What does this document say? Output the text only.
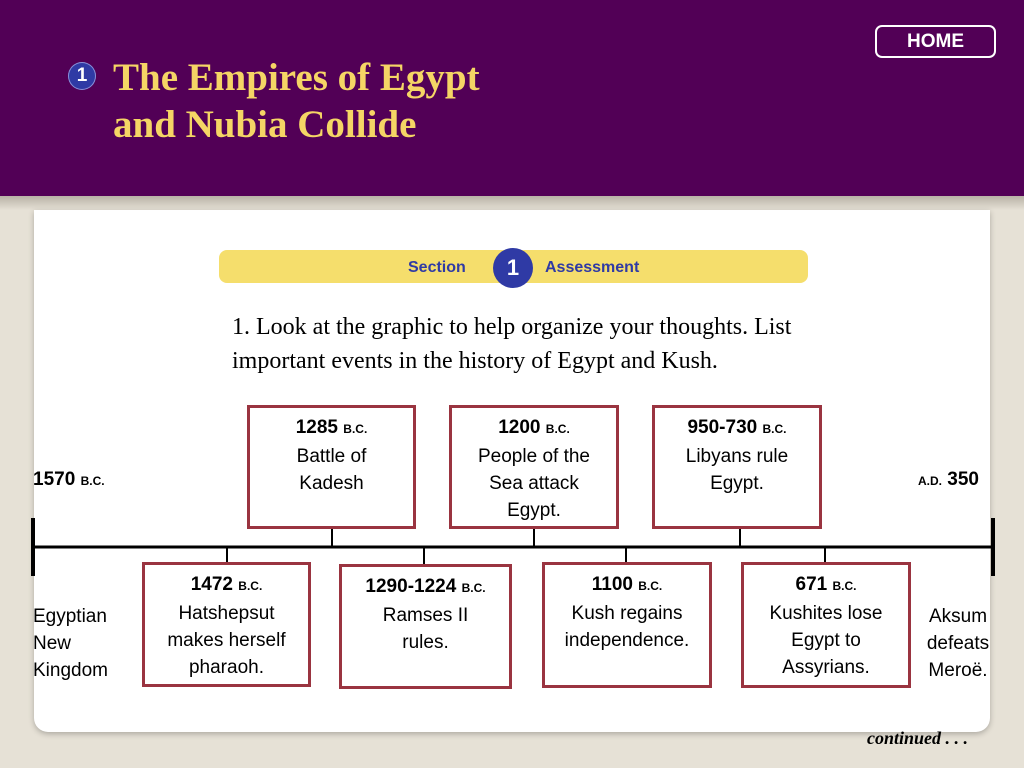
HOME
1 The Empires of Egypt
and Nubia Collide
Section	1	Assessment
1. Look at the graphic to help organize your thoughts. List important events in the history of Egypt and Kush.
1570 B.C.	A.D. 350
Egyptian New Kingdom
Aksum defeats Meroë.
1285 B.C.
Battle of Kadesh
1200 B.C.
People of the Sea attack Egypt.
950-730 B.C.
Libyans rule Egypt.
1472 B.C.
Hatshepsut makes herself pharaoh.
1290-1224 B.C.
Ramses II rules.
1100 B.C.
Kush regains independence.
671 B.C.
Kushites lose Egypt to Assyrians.
continued . . .
